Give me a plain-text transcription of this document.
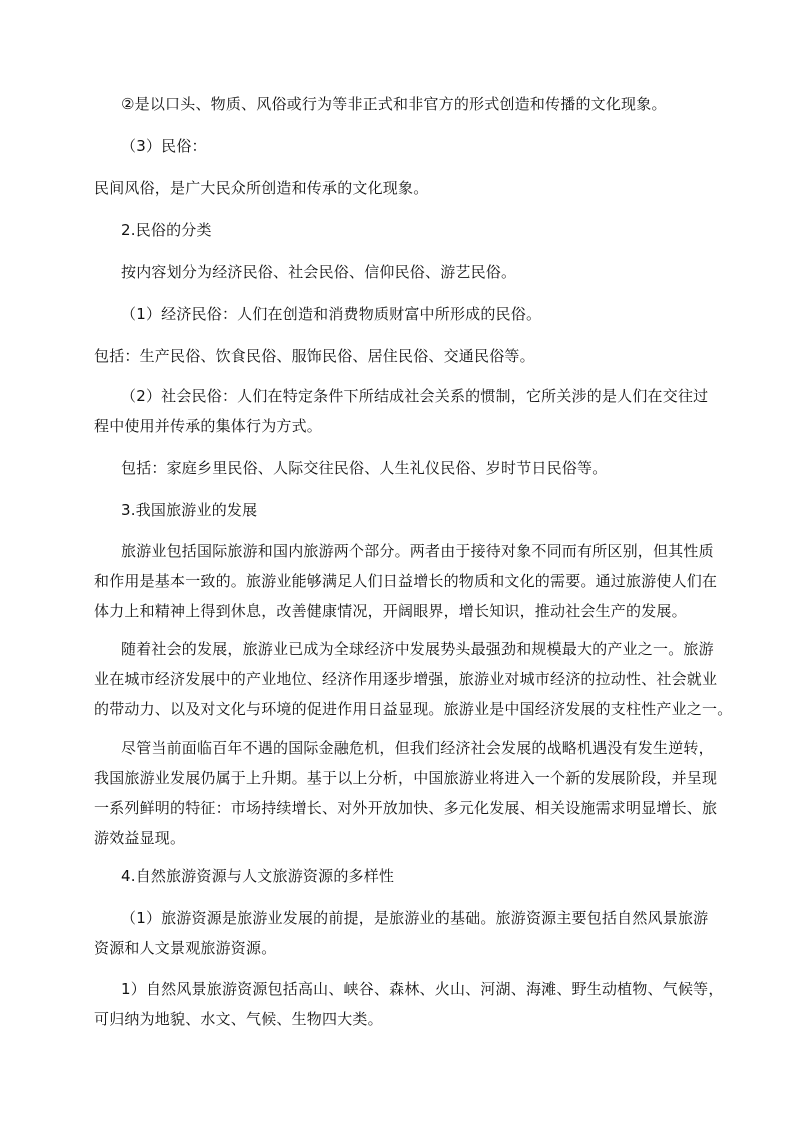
②是以口头、物质、风俗或行为等非正式和非官方的形式创造和传播的文化现象。

（3）民俗：

民间风俗，是广大民众所创造和传承的文化现象。

2.民俗的分类

按内容划分为经济民俗、社会民俗、信仰民俗、游艺民俗。

（1）经济民俗：人们在创造和消费物质财富中所形成的民俗。

包括：生产民俗、饮食民俗、服饰民俗、居住民俗、交通民俗等。

（2）社会民俗：人们在特定条件下所结成社会关系的惯制，它所关涉的是人们在交往过
程中使用并传承的集体行为方式。

包括：家庭乡里民俗、人际交往民俗、人生礼仪民俗、岁时节日民俗等。

3.我国旅游业的发展

旅游业包括国际旅游和国内旅游两个部分。两者由于接待对象不同而有所区别，但其性质
和作用是基本一致的。旅游业能够满足人们日益增长的物质和文化的需要。通过旅游使人们在
体力上和精神上得到休息，改善健康情况，开阔眼界，增长知识，推动社会生产的发展。
随着社会的发展，旅游业已成为全球经济中发展势头最强劲和规模最大的产业之一。旅游
业在城市经济发展中的产业地位、经济作用逐步增强，旅游业对城市经济的拉动性、社会就业
的带动力、以及对文化与环境的促进作用日益显现。旅游业是中国经济发展的支柱性产业之一。
尽管当前面临百年不遇的国际金融危机，但我们经济社会发展的战略机遇没有发生逆转，
我国旅游业发展仍属于上升期。基于以上分析，中国旅游业将进入一个新的发展阶段，并呈现
一系列鲜明的特征：市场持续增长、对外开放加快、多元化发展、相关设施需求明显增长、旅
游效益显现。

4.自然旅游资源与人文旅游资源的多样性

（1）旅游资源是旅游业发展的前提，是旅游业的基础。旅游资源主要包括自然风景旅游
资源和人文景观旅游资源。
1）自然风景旅游资源包括高山、峡谷、森林、火山、河湖、海滩、野生动植物、气候等，
可归纳为地貌、水文、气候、生物四大类。
